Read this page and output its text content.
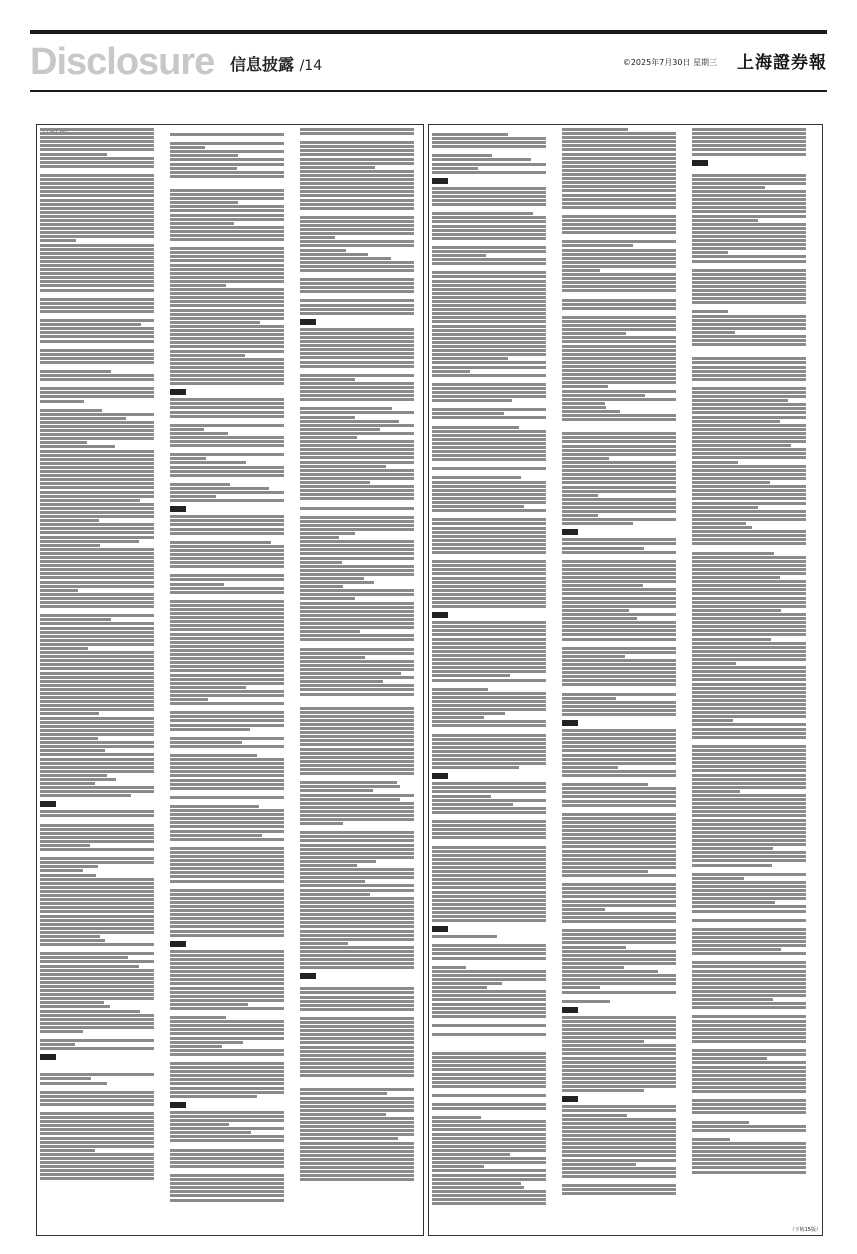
Disclosure 信息披露 /14	©2025年7月30日 星期三 上海證券報
（下转15版）
